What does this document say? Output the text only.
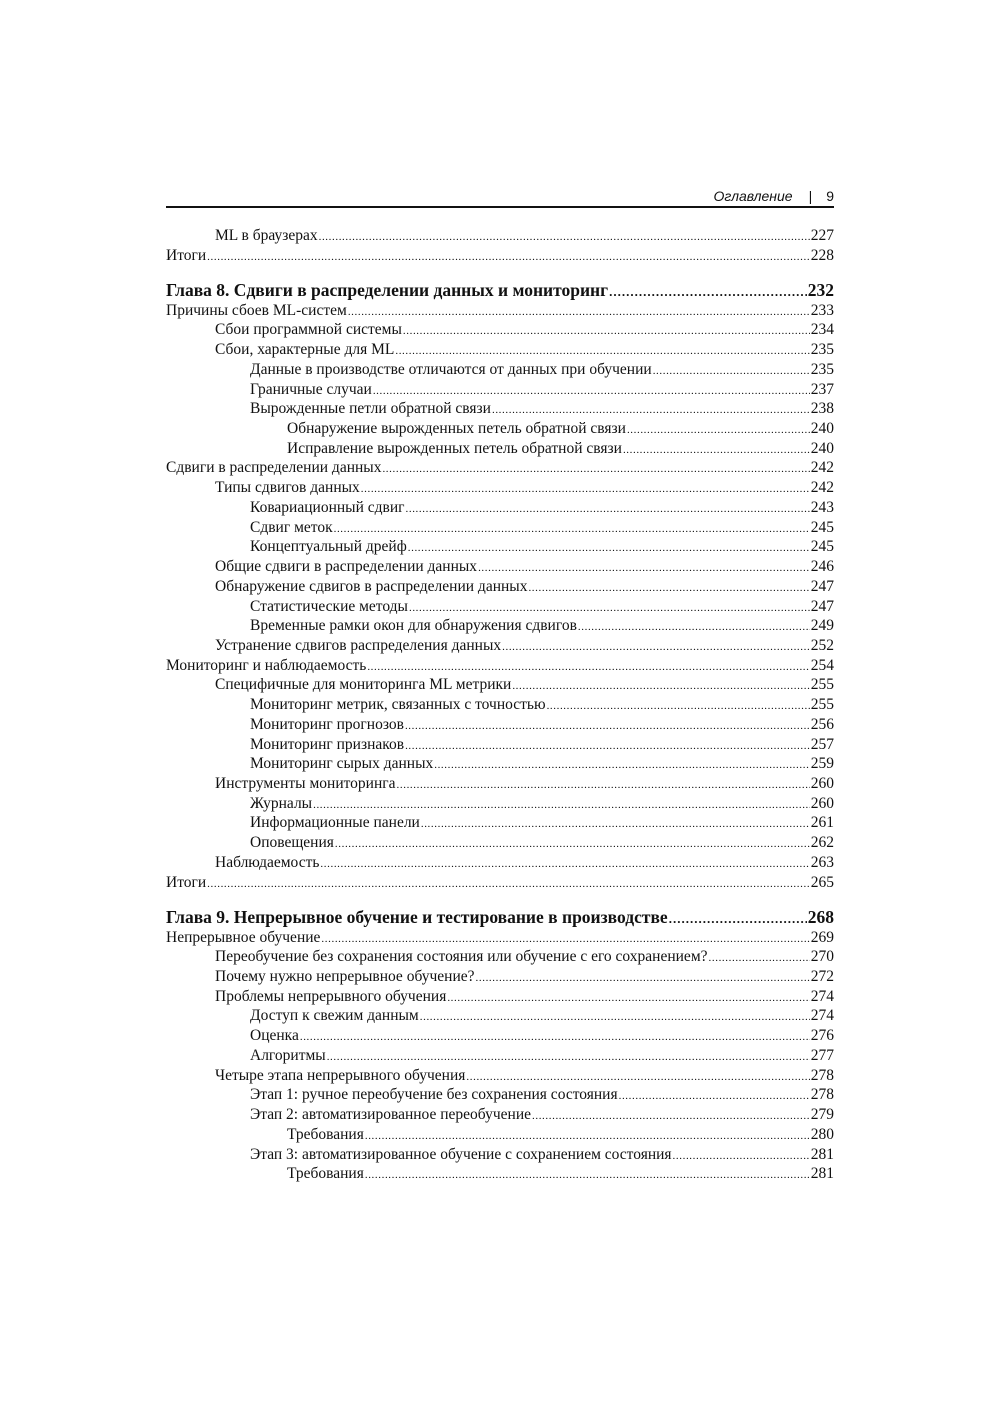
Оглавление | 9
ML в браузерах .....	227
Итоги .....	228
Глава 8. Сдвиги в распределении данных и мониторинг .....	232
Причины сбоев ML-систем .....	233
Сбои программной системы .....	234
Сбои, характерные для ML .....	235
Данные в производстве отличаются от данных при обучении .....	235
Граничные случаи .....	237
Вырожденные петли обратной связи .....	238
Обнаружение вырожденных петель обратной связи .....	240
Исправление вырожденных петель обратной связи .....	240
Сдвиги в распределении данных .....	242
Типы сдвигов данных .....	242
Ковариационный сдвиг .....	243
Сдвиг меток .....	245
Концептуальный дрейф .....	245
Общие сдвиги в распределении данных .....	246
Обнаружение сдвигов в распределении данных .....	247
Статистические методы .....	247
Временные рамки окон для обнаружения сдвигов .....	249
Устранение сдвигов распределения данных .....	252
Мониторинг и наблюдаемость .....	254
Специфичные для мониторинга ML метрики .....	255
Мониторинг метрик, связанных с точностью .....	255
Мониторинг прогнозов .....	256
Мониторинг признаков .....	257
Мониторинг сырых данных .....	259
Инструменты мониторинга .....	260
Журналы .....	260
Информационные панели .....	261
Оповещения .....	262
Наблюдаемость .....	263
Итоги .....	265
Глава 9. Непрерывное обучение и тестирование в производстве .....	268
Непрерывное обучение .....	269
Переобучение без сохранения состояния или обучение с его сохранением? .....	270
Почему нужно непрерывное обучение? .....	272
Проблемы непрерывного обучения .....	274
Доступ к свежим данным .....	274
Оценка .....	276
Алгоритмы .....	277
Четыре этапа непрерывного обучения .....	278
Этап 1: ручное переобучение без сохранения состояния .....	278
Этап 2: автоматизированное переобучение .....	279
Требования .....	280
Этап 3: автоматизированное обучение с сохранением состояния .....	281
Требования .....	281
